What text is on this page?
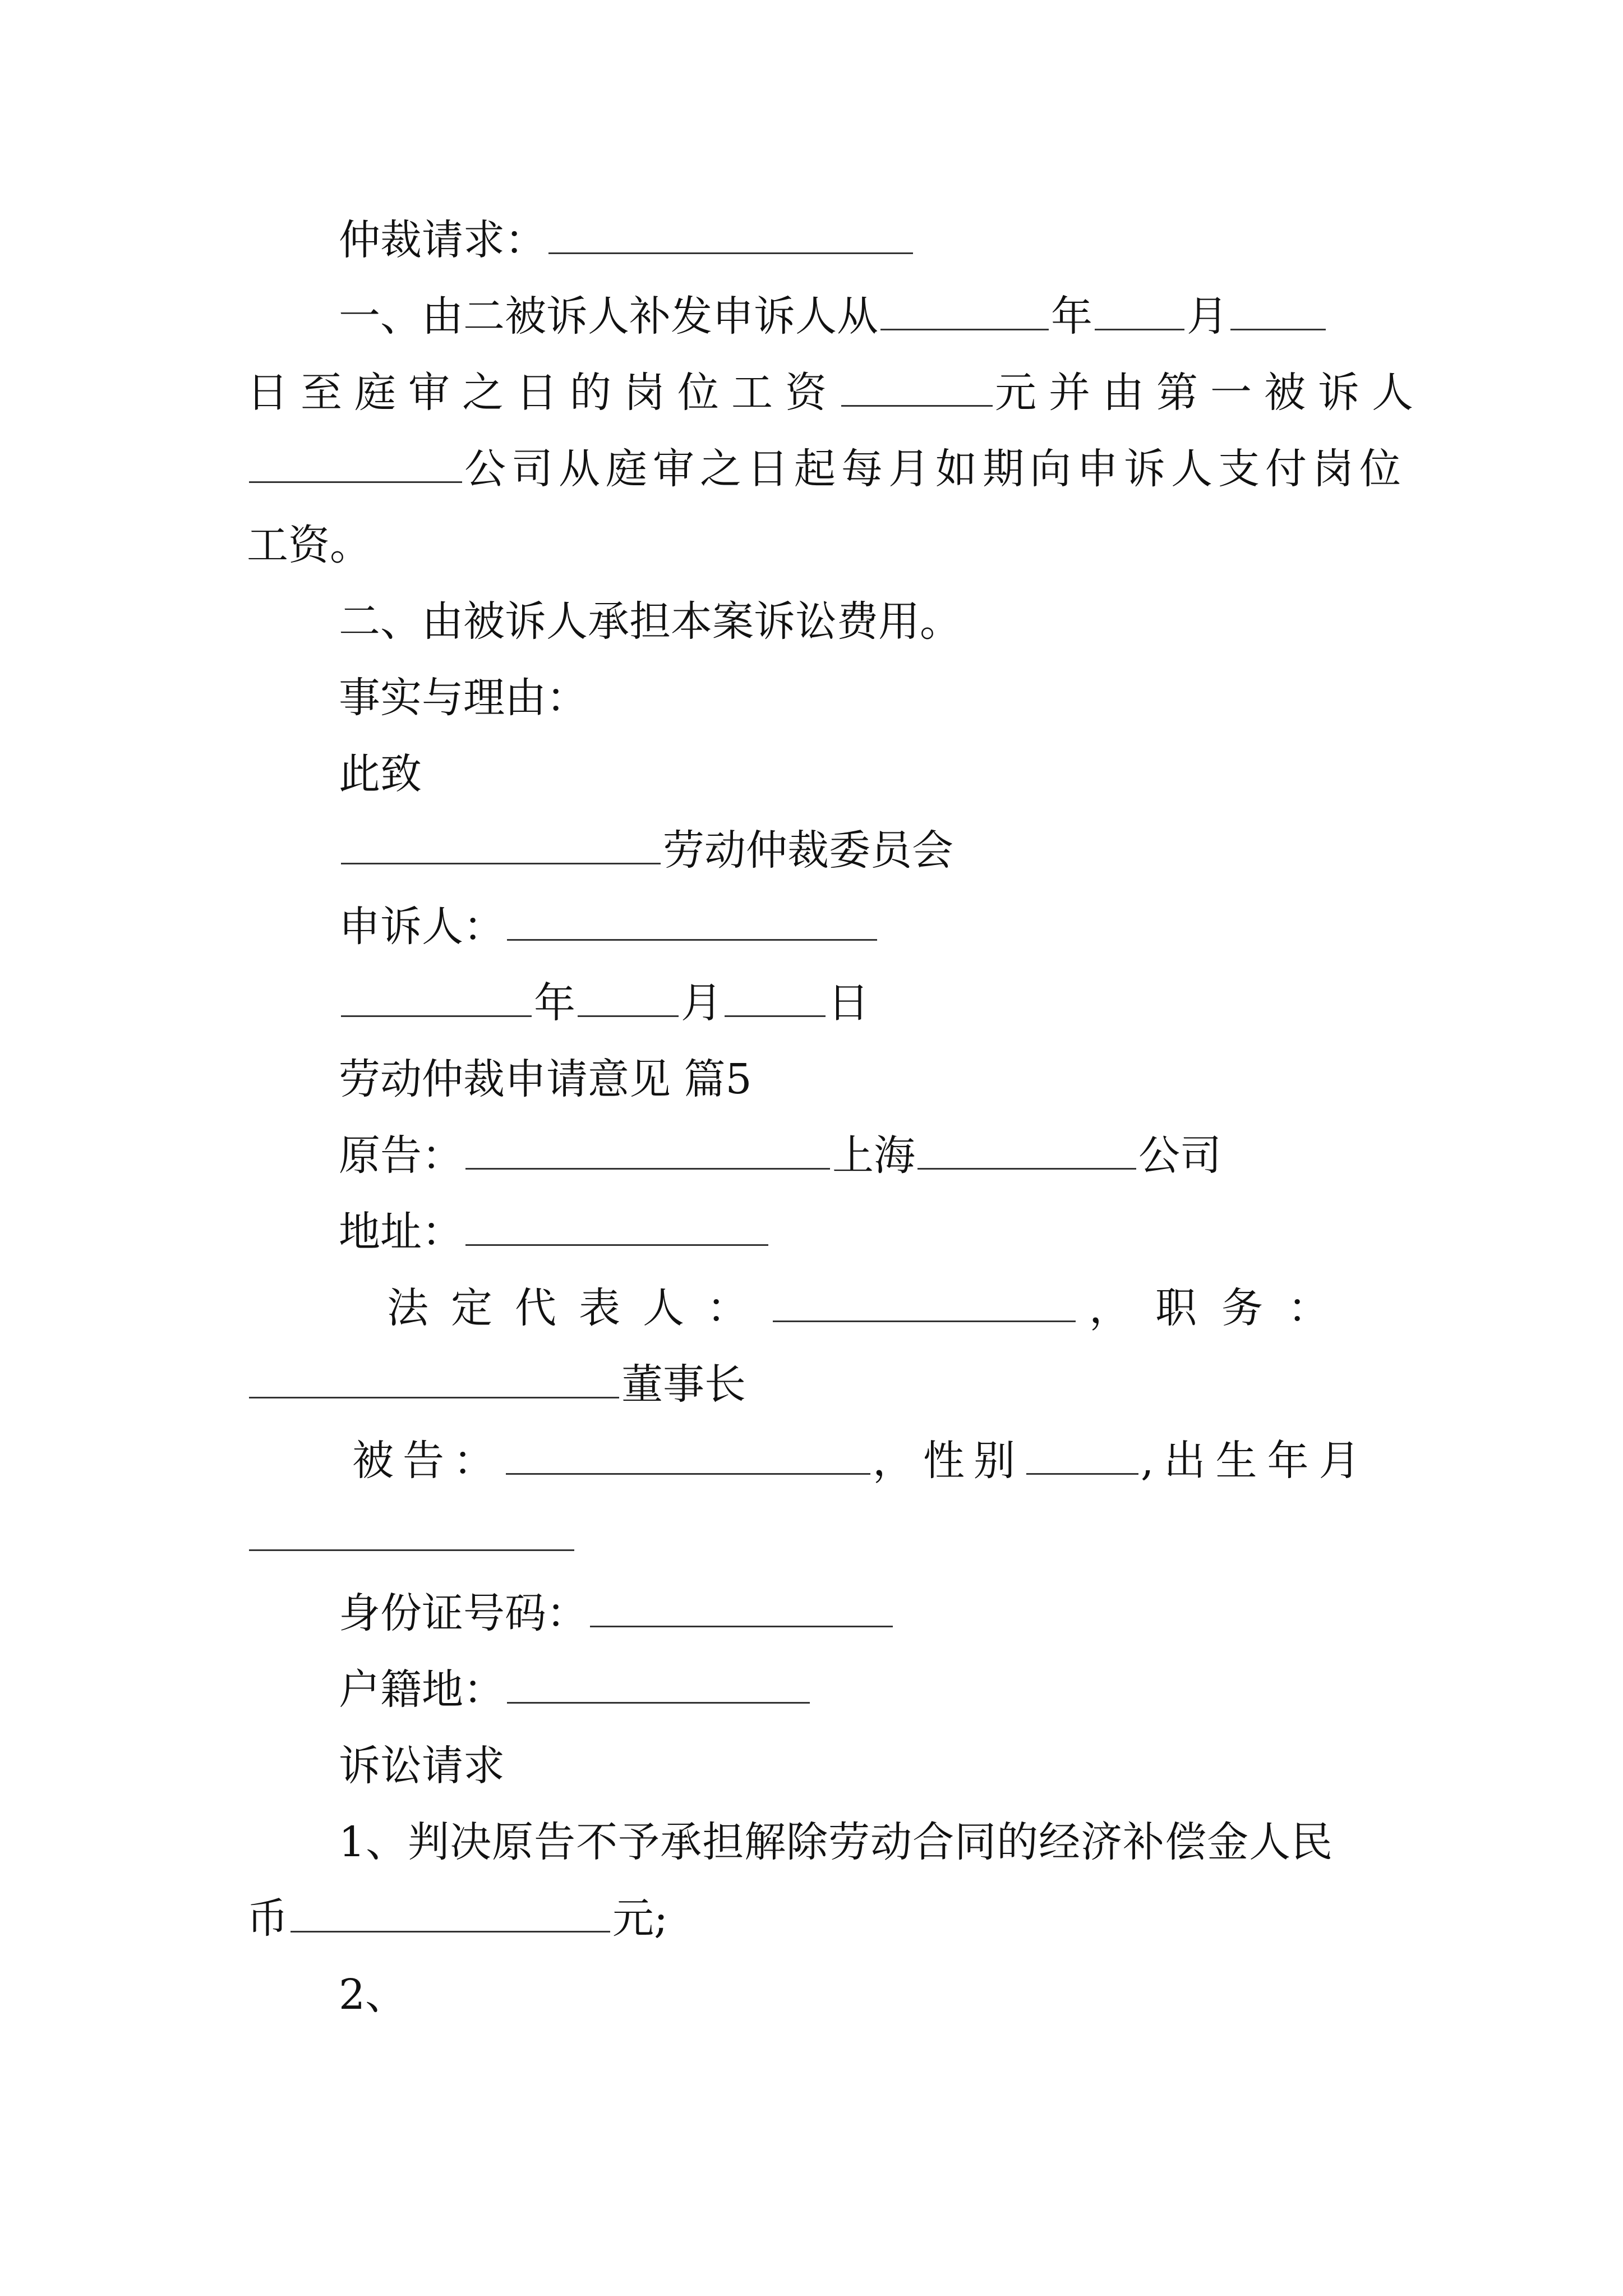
仲裁请求：
一、由二被诉人补发申诉人从	年 月
日至庭审之日的岗位工资	元并由第一被诉人
公司从庭审之日起每月如期向申诉人支付岗位
工资。
二、由被诉人承担本案诉讼费用。
事实与理由：
此致
劳动仲裁委员会
申诉人：
年	月	日
劳动仲裁申请意见 篇5
原告：	上海	公司
地址：
法定代表人：	，职务：
董事长
被告：	，性别	,出生年月
身份证号码：
户籍地：
诉讼请求
1、判决原告不予承担解除劳动合同的经济补偿金人民
币	元;
2、
